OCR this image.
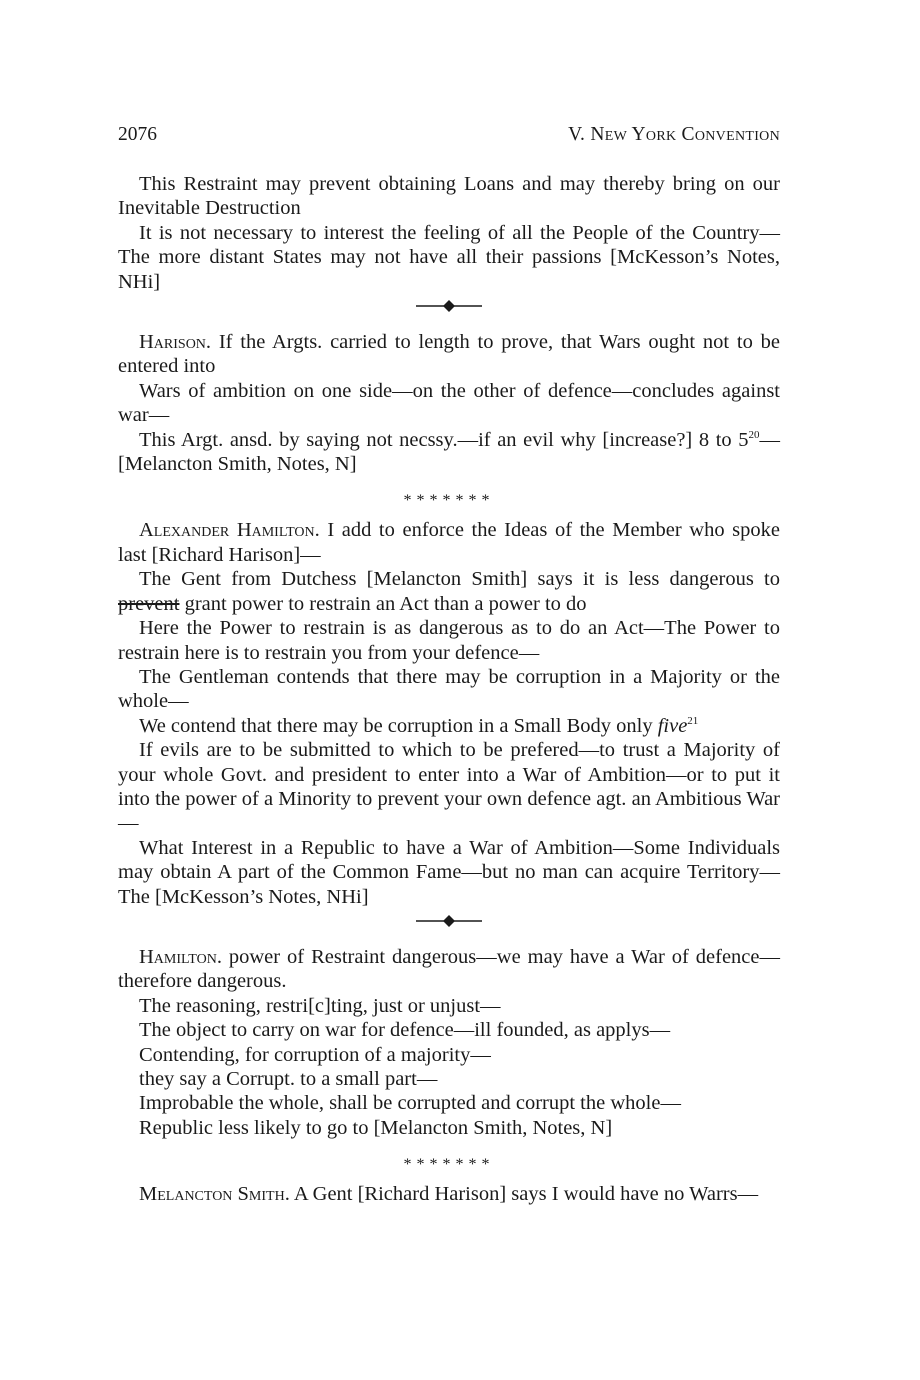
2076	V. New York Convention

This Restraint may prevent obtaining Loans and may thereby bring on our Inevitable Destruction

It is not necessary to interest the feeling of all the People of the Country—The more distant States may not have all their passions [McKesson’s Notes, NHi]

Harison. If the Argts. carried to length to prove, that Wars ought not to be entered into

Wars of ambition on one side—on the other of defence—concludes against war—

This Argt. ansd. by saying not necssy.—if an evil why [increase?] 8 to $5^{20}—$ [Melancton Smith, Notes, N]

*******

Alexander Hamilton. I add to enforce the Ideas of the Member who spoke last [Richard Harison]—

The Gent from Dutchess [Melancton Smith] says it is less dangerous to prevent grant power to restrain an Act than a power to do

Here the Power to restrain is as dangerous as to do an Act—The Power to restrain here is to restrain you from your defence—

The Gentleman contends that there may be corruption in a Majority or the whole—

We contend that there may be corruption in a Small Body only five$^{21}$

If evils are to be submitted to which to be prefered—to trust a Majority of your whole Govt. and president to enter into a War of Ambition—or to put it into the power of a Minority to prevent your own defence agt. an Ambitious War—

What Interest in a Republic to have a War of Ambition—Some Individuals may obtain A part of the Common Fame—but no man can acquire Territory—The [McKesson’s Notes, NHi]

Hamilton. power of Restraint dangerous—we may have a War of defence—therefore dangerous.

The reasoning, restri[c]ting, just or unjust—

The object to carry on war for defence—ill founded, as applys—

Contending, for corruption of a majority—

they say a Corrupt. to a small part—

Improbable the whole, shall be corrupted and corrupt the whole—

Republic less likely to go to [Melancton Smith, Notes, N]

*******

Melancton Smith. A Gent [Richard Harison] says I would have no Warrs—
